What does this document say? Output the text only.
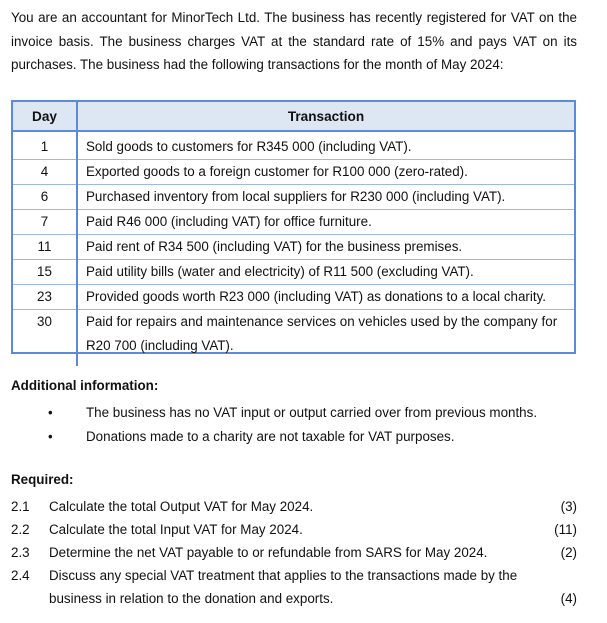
You are an accountant for MinorTech Ltd. The business has recently registered for VAT on the invoice basis. The business charges VAT at the standard rate of 15% and pays VAT on its purchases. The business had the following transactions for the month of May 2024:

Day	Transaction
1	Sold goods to customers for R345 000 (including VAT).
4	Exported goods to a foreign customer for R100 000 (zero-rated).
6	Purchased inventory from local suppliers for R230 000 (including VAT).
7	Paid R46 000 (including VAT) for office furniture.
11	Paid rent of R34 500 (including VAT) for the business premises.
15	Paid utility bills (water and electricity) of R11 500 (excluding VAT).
23	Provided goods worth R23 000 (including VAT) as donations to a local charity.
30	Paid for repairs and maintenance services on vehicles used by the company for R20 700 (including VAT).

Additional information:

• The business has no VAT input or output carried over from previous months.
• Donations made to a charity are not taxable for VAT purposes.

Required:

2.1 Calculate the total Output VAT for May 2024.	(3)
2.2 Calculate the total Input VAT for May 2024.	(11)
2.3 Determine the net VAT payable to or refundable from SARS for May 2024.	(2)
2.4 Discuss any special VAT treatment that applies to the transactions made by the business in relation to the donation and exports.	(4)
